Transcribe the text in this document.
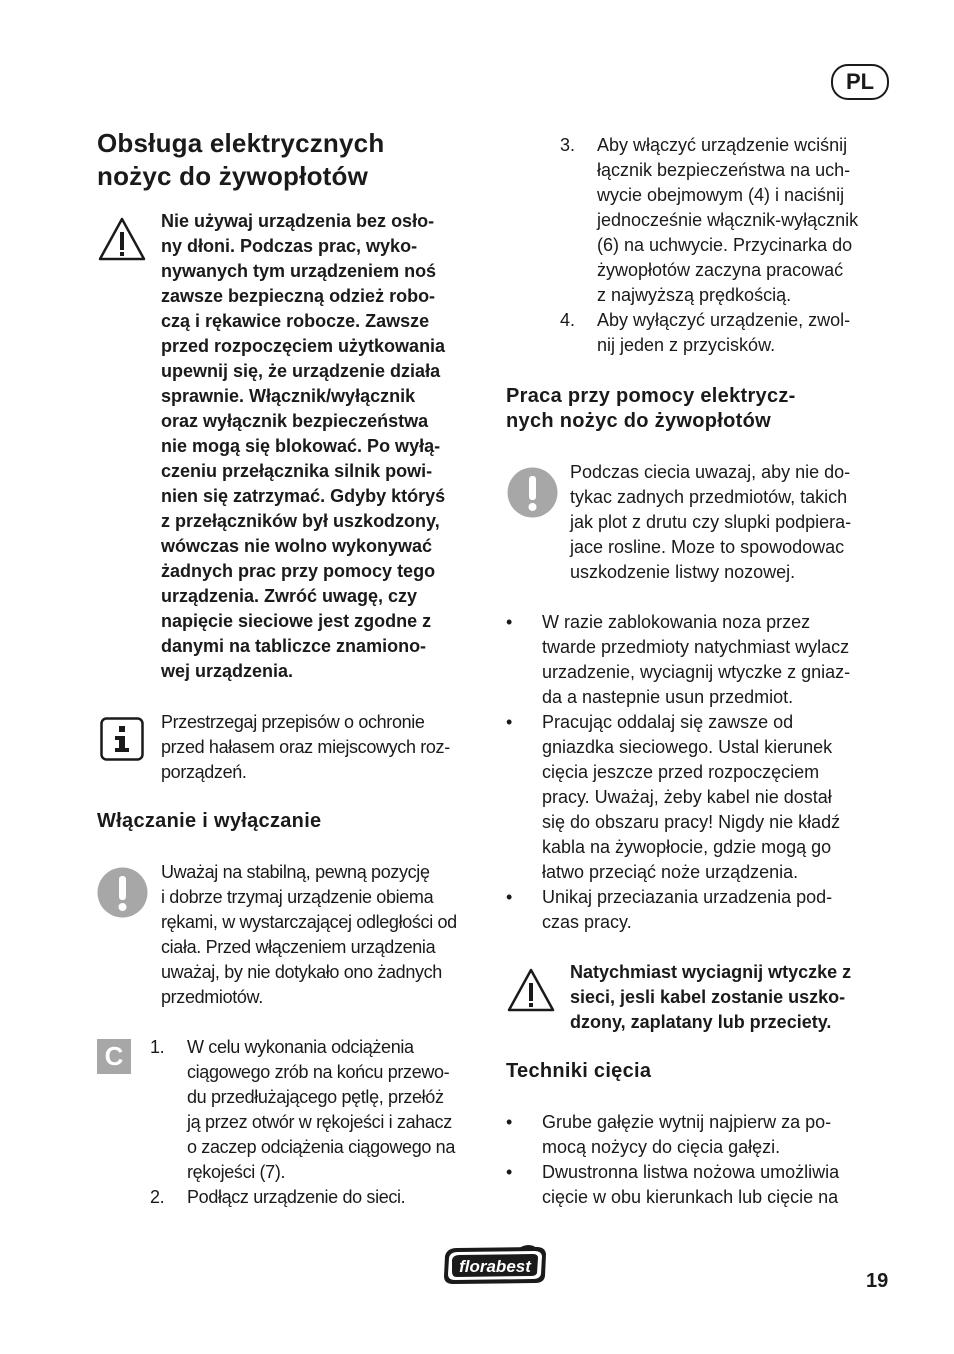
PL
Obsługa elektrycznych
nożyc do żywopłotów
Nie używaj urządzenia bez osło-
ny dłoni. Podczas prac, wyko-
nywanych tym urządzeniem noś
zawsze bezpieczną odzież robo-
czą i rękawice robocze. Zawsze
przed rozpoczęciem użytkowania
upewnij się, że urządzenie działa
sprawnie. Włącznik/wyłącznik
oraz wyłącznik bezpieczeństwa
nie mogą się blokować. Po wyłą-
czeniu przełącznika silnik powi-
nien się zatrzymać. Gdyby któryś
z przełączników był uszkodzony,
wówczas nie wolno wykonywać
żadnych prac przy pomocy tego
urządzenia. Zwróć uwagę, czy
napięcie sieciowe jest zgodne z
danymi na tabliczce znamiono-
wej urządzenia.
Przestrzegaj przepisów o ochronie
przed hałasem oraz miejscowych roz-
porządzeń.
Włączanie i wyłączanie
Uważaj na stabilną, pewną pozycję
i dobrze trzymaj urządzenie obiema
rękami, w wystarczającej odległości od
ciała. Przed włączeniem urządzenia
uważaj, by nie dotykało ono żadnych
przedmiotów.
C	1. W celu wykonania odciążenia
ciągowego zrób na końcu przewo-
du przedłużającego pętlę, przełóż
ją przez otwór w rękojeści i zahacz
o zaczep odciążenia ciągowego na
rękojeści (7).
2. Podłącz urządzenie do sieci.
3. Aby włączyć urządzenie wciśnij
łącznik bezpieczeństwa na uch-
wycie obejmowym (4) i naciśnij
jednocześnie włącznik-wyłącznik
(6) na uchwycie. Przycinarka do
żywopłotów zaczyna pracować
z najwyższą prędkością.
4. Aby wyłączyć urządzenie, zwol-
nij jeden z przycisków.
Praca przy pomocy elektrycz-
nych nożyc do żywopłotów
Podczas ciecia uwazaj, aby nie do-
tykac zadnych przedmiotów, takich
jak plot z drutu czy slupki podpiera-
jace rosline. Moze to spowodowac
uszkodzenie listwy nozowej.
• W razie zablokowania noza przez
twarde przedmioty natychmiast wylacz
urzadzenie, wyciagnij wtyczke z gniaz-
da a nastepnie usun przedmiot.
• Pracując oddalaj się zawsze od
gniazdka sieciowego. Ustal kierunek
cięcia jeszcze przed rozpoczęciem
pracy. Uważaj, żeby kabel nie dostał
się do obszaru pracy! Nigdy nie kładź
kabla na żywopłocie, gdzie mogą go
łatwo przeciąć noże urządzenia.
• Unikaj przeciazania urzadzenia pod-
czas pracy.
Natychmiast wyciagnij wtyczke z
sieci, jesli kabel zostanie uszko-
dzony, zaplatany lub przeciety.
Techniki cięcia
• Grube gałęzie wytnij najpierw za po-
mocą nożycy do cięcia gałęzi.
• Dwustronna listwa nożowa umożliwia
cięcie w obu kierunkach lub cięcie na
florabest
19
